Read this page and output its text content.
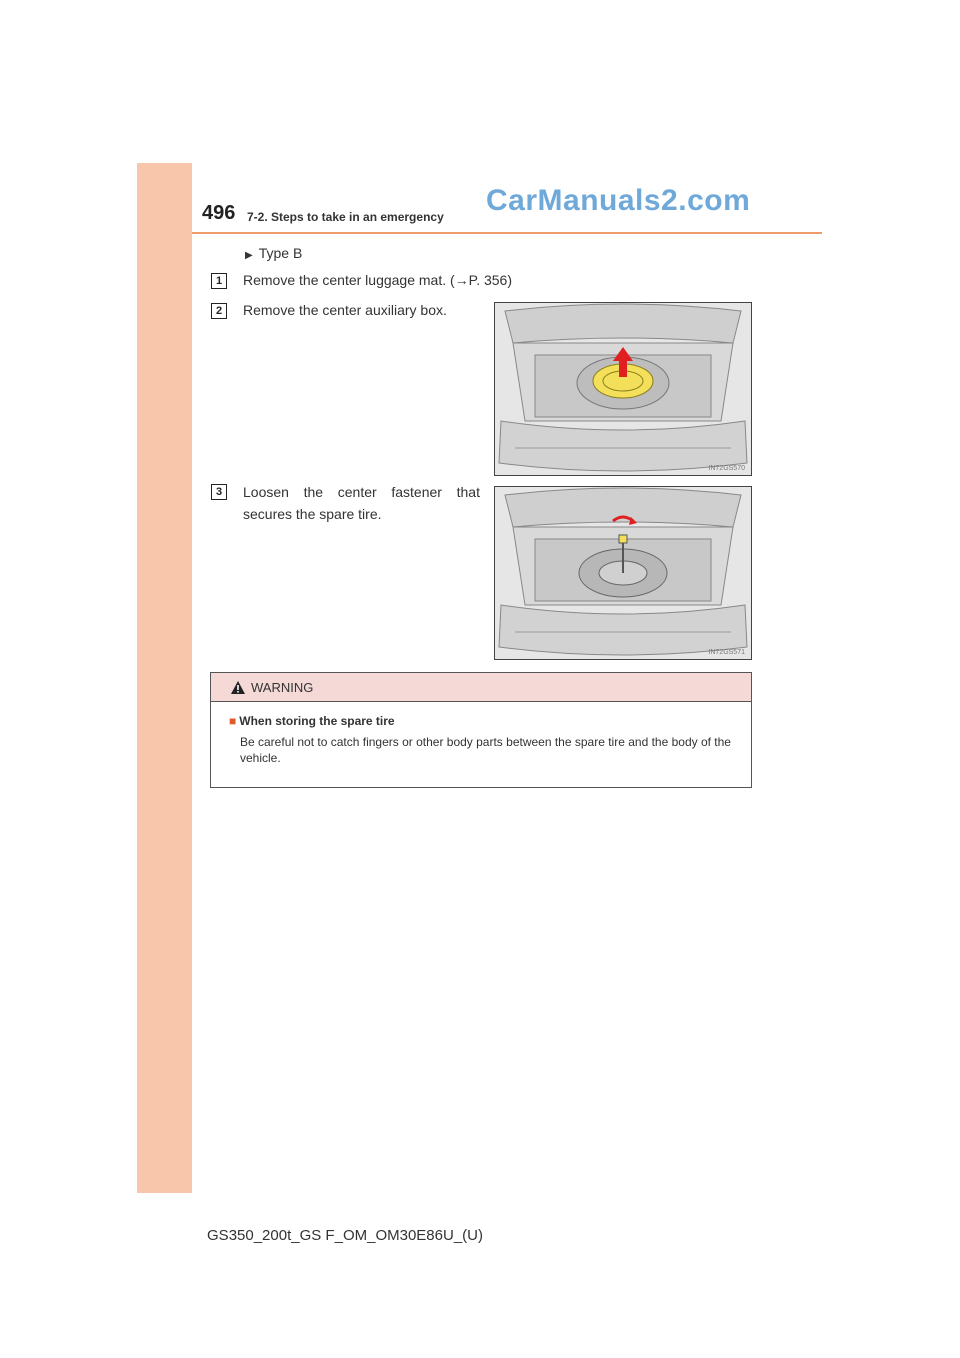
496 7-2. Steps to take in an emergency CarManuals2.com
▶ Type B
1	Remove the center luggage mat. (→P. 356)
2	Remove the center auxiliary box.
IN72GS570
3	Loosen the center fastener that secures the spare tire.
IN72GS571
WARNING
■ When storing the spare tire
Be careful not to catch fingers or other body parts between the spare tire and the body of the vehicle.
GS350_200t_GS F_OM_OM30E86U_(U)
